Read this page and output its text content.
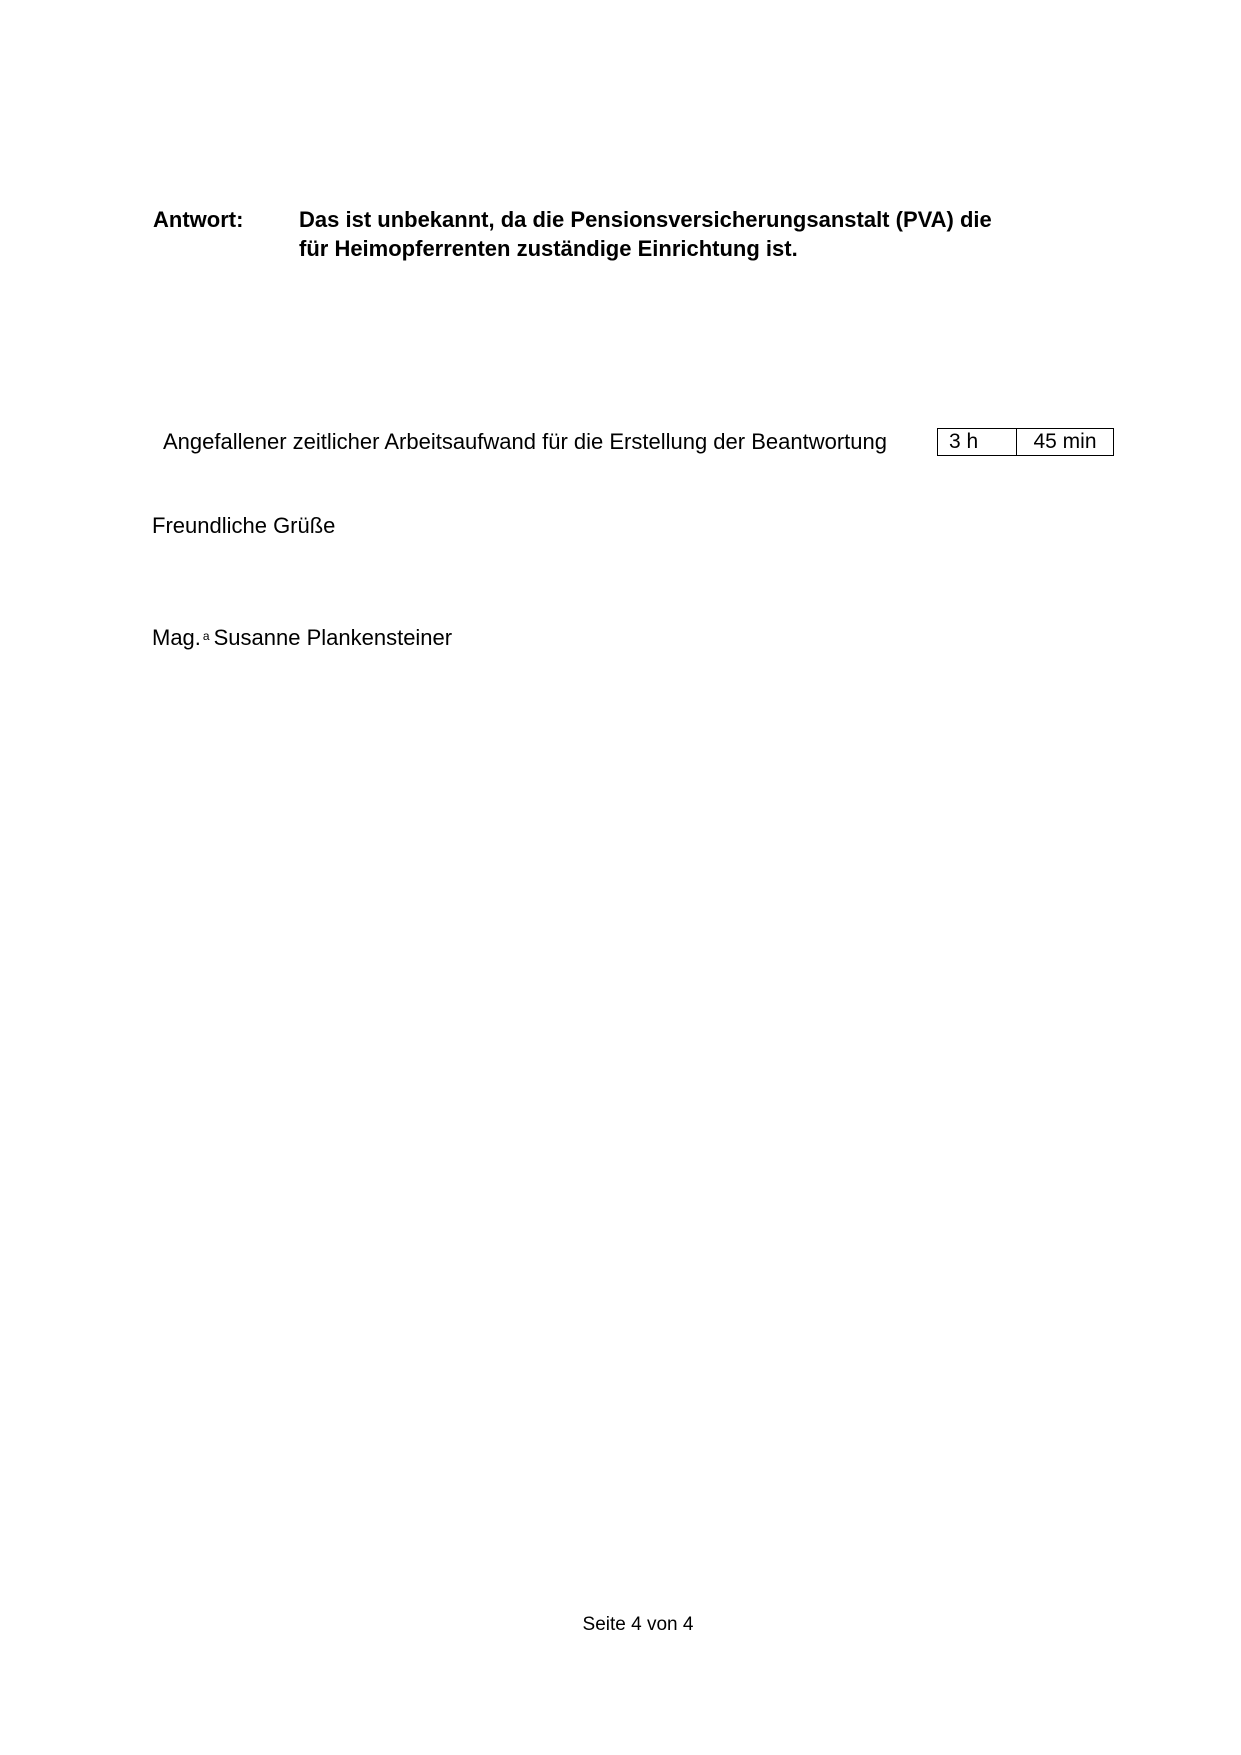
Antwort:	Das ist unbekannt, da die Pensionsversicherungsanstalt (PVA) die
für Heimopferrenten zuständige Einrichtung ist.
Angefallener zeitlicher Arbeitsaufwand für die Erstellung der Beantwortung	3 h	45 min
Freundliche Grüße
Mag. $^a$ Susanne Plankensteiner
Seite 4 von 4
